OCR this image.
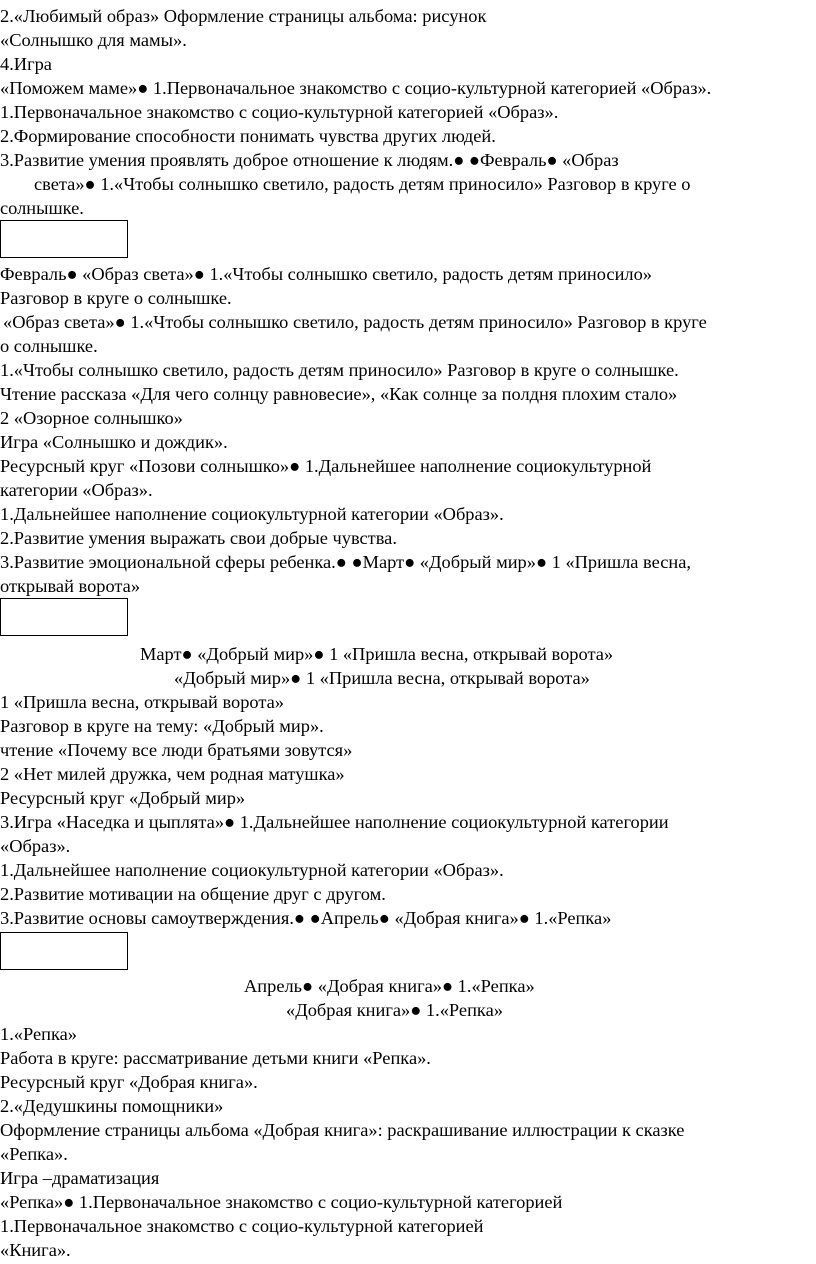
2.«Любимый образ» Оформление страницы альбома: рисунок
«Солнышко для мамы».
4.Игра
«Поможем маме»● 1.Первоначальное знакомство с социо-культурной категорией «Образ».
1.Первоначальное знакомство с социо-культурной категорией «Образ».
2.Формирование способности понимать чувства других людей.
3.Развитие умения проявлять доброе отношение к людям.● ●Февраль● «Образ
света»● 1.«Чтобы солнышко светило, радость детям приносило» Разговор в круге о
солнышке.
Февраль● «Образ света»● 1.«Чтобы солнышко светило, радость детям приносило»
Разговор в круге о солнышке.
«Образ света»● 1.«Чтобы солнышко светило, радость детям приносило» Разговор в круге
о солнышке.
1.«Чтобы солнышко светило, радость детям приносило» Разговор в круге о солнышке.
Чтение рассказа «Для чего солнцу равновесие», «Как солнце за полдня плохим стало»
2 «Озорное солнышко»
Игра «Солнышко и дождик».
Ресурсный круг «Позови солнышко»● 1.Дальнейшее наполнение социокультурной
категории «Образ».
1.Дальнейшее наполнение социокультурной категории «Образ».
2.Развитие умения выражать свои добрые чувства.
3.Развитие эмоциональной сферы ребенка.● ●Март● «Добрый мир»● 1 «Пришла весна,
открывай ворота»
Март● «Добрый мир»● 1 «Пришла весна, открывай ворота»
«Добрый мир»● 1 «Пришла весна, открывай ворота»
1 «Пришла весна, открывай ворота»
Разговор в круге на тему: «Добрый мир».
чтение «Почему все люди братьями зовутся»
2 «Нет милей дружка, чем родная матушка»
Ресурсный круг «Добрый мир»
3.Игра «Наседка и цыплята»● 1.Дальнейшее наполнение социокультурной категории
«Образ».
1.Дальнейшее наполнение социокультурной категории «Образ».
2.Развитие мотивации на общение друг с другом.
3.Развитие основы самоутверждения.● ●Апрель● «Добрая книга»● 1.«Репка»
Апрель● «Добрая книга»● 1.«Репка»
«Добрая книга»● 1.«Репка»
1.«Репка»
Работа в круге: рассматривание детьми книги «Репка».
Ресурсный круг «Добрая книга».
2.«Дедушкины помощники»
Оформление страницы альбома «Добрая книга»: раскрашивание иллюстрации к сказке
«Репка».
Игра –драматизация
«Репка»● 1.Первоначальное знакомство с социо-культурной категорией
1.Первоначальное знакомство с социо-культурной категорией
«Книга».
